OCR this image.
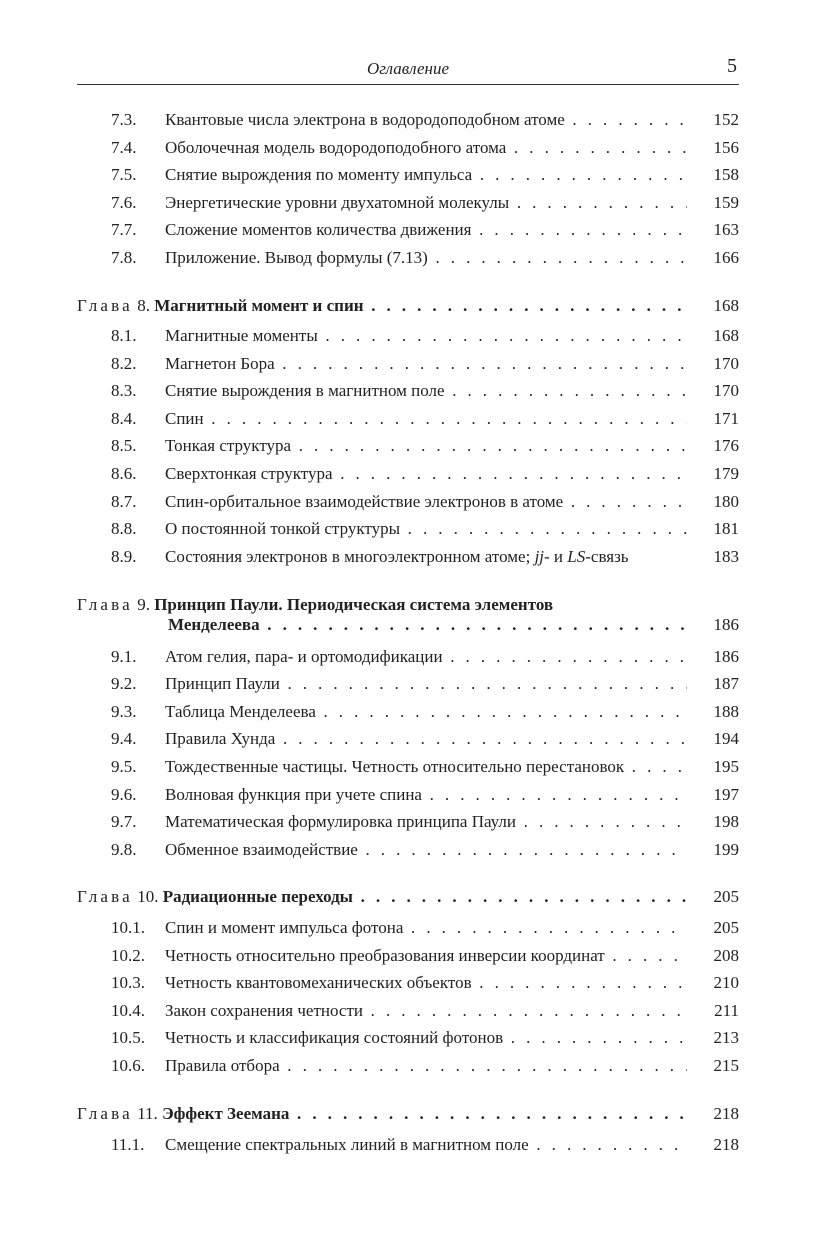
Оглавление	5
7.3. Квантовые числа электрона в водородоподобном атоме . . .	152
7.4. Оболочечная модель водородоподобного атома . . .	156
7.5. Снятие вырождения по моменту импульса . . .	158
7.6. Энергетические уровни двухатомной молекулы . . .	159
7.7. Сложение моментов количества движения . . .	163
7.8. Приложение. Вывод формулы (7.13) . . .	166
Глава 8. Магнитный момент и спин . . .	168
8.1. Магнитные моменты . . .	168
8.2. Магнетон Бора . . .	170
8.3. Снятие вырождения в магнитном поле . . .	170
8.4. Спин . . .	171
8.5. Тонкая структура . . .	176
8.6. Сверхтонкая структура . . .	179
8.7. Спин-орбитальное взаимодействие электронов в атоме . . .	180
8.8. О постоянной тонкой структуры . . .	181
8.9. Состояния электронов в многоэлектронном атоме; jj- и LS-связь	183
Глава 9. Принцип Паули. Периодическая система элементов
Менделеева . . .	186
9.1. Атом гелия, пара- и ортомодификации . . .	186
9.2. Принцип Паули . . .	187
9.3. Таблица Менделеева . . .	188
9.4. Правила Хунда . . .	194
9.5. Тождественные частицы. Четность относительно перестановок . . .	195
9.6. Волновая функция при учете спина . . .	197
9.7. Математическая формулировка принципа Паули . . .	198
9.8. Обменное взаимодействие . . .	199
Глава 10. Радиационные переходы . . .	205
10.1. Спин и момент импульса фотона . . .	205
10.2. Четность относительно преобразования инверсии координат . . .	208
10.3. Четность квантовомеханических объектов . . .	210
10.4. Закон сохранения четности . . .	211
10.5. Четность и классификация состояний фотонов . . .	213
10.6. Правила отбора . . .	215
Глава 11. Эффект Зеемана . . .	218
11.1. Смещение спектральных линий в магнитном поле . . .	218
